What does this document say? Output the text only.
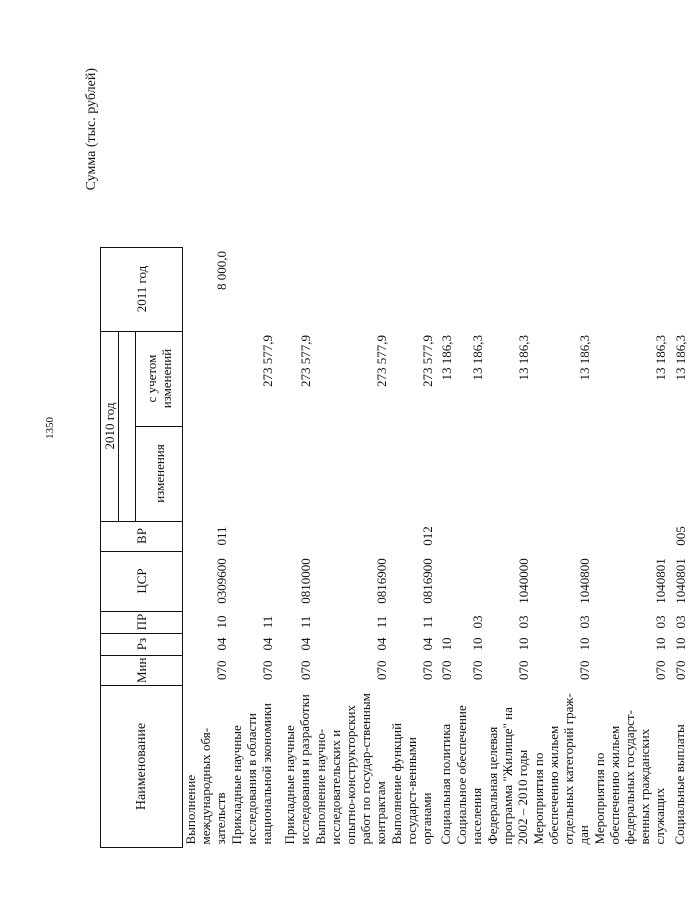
1350
Сумма (тыс. рублей)
Наименование	Мин	Рз	ПР	ЦСР	ВР	2010 год		2011 год

						изменения	с учетом изменений	
Выполнение международных обя-зательств	070	04	10	0309600	011			8 000,0
Прикладные научные исследования в области национальной экономики	070	04	11				273 577,9	
Прикладные научные исследования и разработки	070	04	11	0810000			273 577,9	
Выполнение научно-исследовательских и опытно-конструкторских работ по государ-ственным контрактам	070	04	11	0816900			273 577,9	
Выполнение функций государст-венными органами	070	04	11	0816900	012		273 577,9	
Социальная политика	070	10					13 186,3	
Социальное обеспечение населения	070	10	03				13 186,3	
Федеральная целевая программа "Жилище" на 2002 – 2010 годы	070	10	03	1040000			13 186,3	
Мероприятия по обеспечению жильем отдельных категорий граж-дан	070	10	03	1040800			13 186,3	
Мероприятия по обеспечению жильем федеральных государст-венных гражданских служащих	070	10	03	1040801			13 186,3	
Социальные выплаты	070	10	03	1040801	005		13 186,3	
